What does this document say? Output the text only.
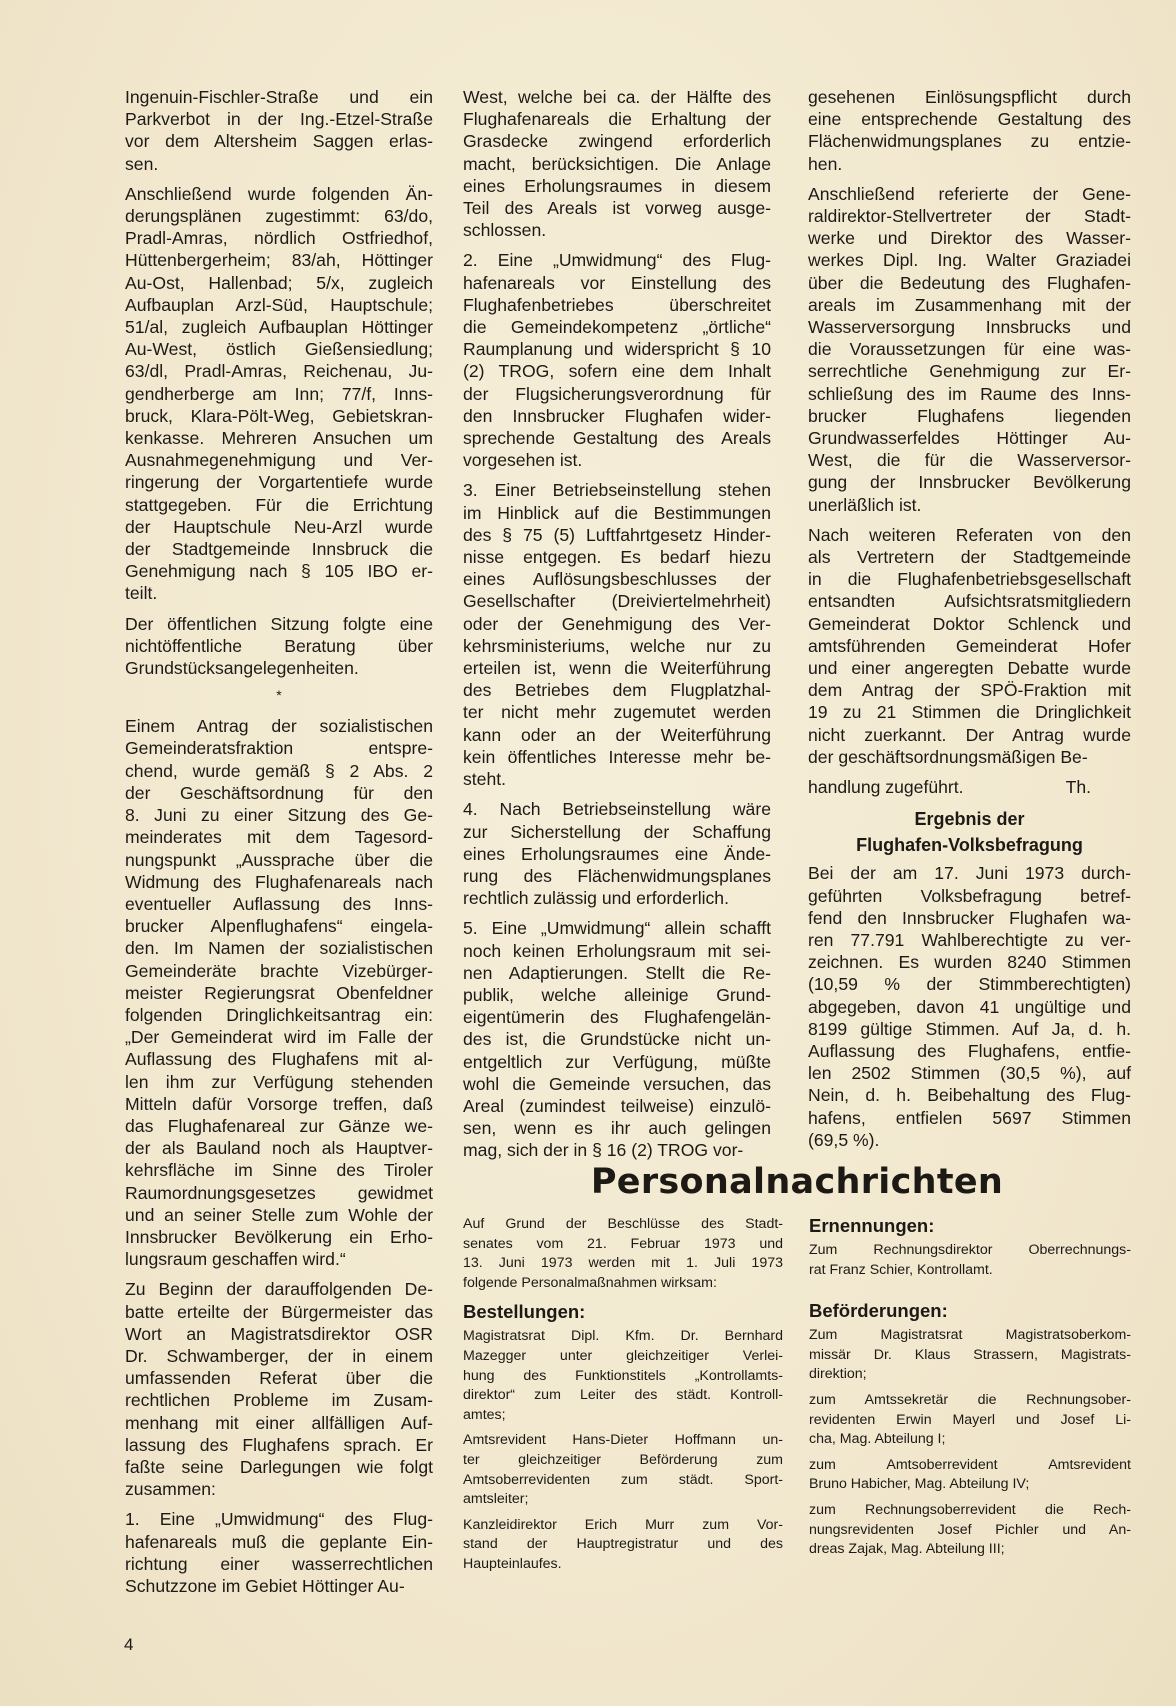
Ingenuin-Fischler-Straße und ein
Parkverbot in der Ing.-Etzel-Straße
vor dem Altersheim Saggen erlas-
sen.

Anschließend wurde folgenden Än-
derungsplänen zugestimmt: 63/do,
Pradl-Amras, nördlich Ostfriedhof,
Hüttenbergerheim; 83/ah, Höttinger
Au-Ost, Hallenbad; 5/x, zugleich
Aufbauplan Arzl-Süd, Hauptschule;
51/al, zugleich Aufbauplan Höttinger
Au-West, östlich Gießensiedlung;
63/dl, Pradl-Amras, Reichenau, Ju-
gendherberge am Inn; 77/f, Inns-
bruck, Klara-Pölt-Weg, Gebietskran-
kenkasse. Mehreren Ansuchen um
Ausnahmegenehmigung und Ver-
ringerung der Vorgartentiefe wurde
stattgegeben. Für die Errichtung
der Hauptschule Neu-Arzl wurde
der Stadtgemeinde Innsbruck die
Genehmigung nach § 105 IBO er-
teilt.

Der öffentlichen Sitzung folgte eine
nichtöffentliche Beratung über
Grundstücksangelegenheiten.

*

Einem Antrag der sozialistischen
Gemeinderatsfraktion entspre-
chend, wurde gemäß § 2 Abs. 2
der Geschäftsordnung für den
8. Juni zu einer Sitzung des Ge-
meinderates mit dem Tagesord-
nungspunkt „Aussprache über die
Widmung des Flughafenareals nach
eventueller Auflassung des Inns-
brucker Alpenflughafens“ eingela-
den. Im Namen der sozialistischen
Gemeinderäte brachte Vizebürger-
meister Regierungsrat Obenfeldner
folgenden Dringlichkeitsantrag ein:
„Der Gemeinderat wird im Falle der
Auflassung des Flughafens mit al-
len ihm zur Verfügung stehenden
Mitteln dafür Vorsorge treffen, daß
das Flughafenareal zur Gänze we-
der als Bauland noch als Hauptver-
kehrsfläche im Sinne des Tiroler
Raumordnungsgesetzes gewidmet
und an seiner Stelle zum Wohle der
Innsbrucker Bevölkerung ein Erho-
lungsraum geschaffen wird.“

Zu Beginn der darauffolgenden De-
batte erteilte der Bürgermeister das
Wort an Magistratsdirektor OSR
Dr. Schwamberger, der in einem
umfassenden Referat über die
rechtlichen Probleme im Zusam-
menhang mit einer allfälligen Auf-
lassung des Flughafens sprach. Er
faßte seine Darlegungen wie folgt
zusammen:

1. Eine „Umwidmung“ des Flug-
hafenareals muß die geplante Ein-
richtung einer wasserrechtlichen
Schutzzone im Gebiet Höttinger Au-

West, welche bei ca. der Hälfte des
Flughafenareals die Erhaltung der
Grasdecke zwingend erforderlich
macht, berücksichtigen. Die Anlage
eines Erholungsraumes in diesem
Teil des Areals ist vorweg ausge-
schlossen.

2. Eine „Umwidmung“ des Flug-
hafenareals vor Einstellung des
Flughafenbetriebes überschreitet
die Gemeindekompetenz „örtliche“
Raumplanung und widerspricht § 10
(2) TROG, sofern eine dem Inhalt
der Flugsicherungsverordnung für
den Innsbrucker Flughafen wider-
sprechende Gestaltung des Areals
vorgesehen ist.

3. Einer Betriebseinstellung stehen
im Hinblick auf die Bestimmungen
des § 75 (5) Luftfahrtgesetz Hinder-
nisse entgegen. Es bedarf hiezu
eines Auflösungsbeschlusses der
Gesellschafter (Dreiviertelmehrheit)
oder der Genehmigung des Ver-
kehrsministeriums, welche nur zu
erteilen ist, wenn die Weiterführung
des Betriebes dem Flugplatzhal-
ter nicht mehr zugemutet werden
kann oder an der Weiterführung
kein öffentliches Interesse mehr be-
steht.

4. Nach Betriebseinstellung wäre
zur Sicherstellung der Schaffung
eines Erholungsraumes eine Ände-
rung des Flächenwidmungsplanes
rechtlich zulässig und erforderlich.

5. Eine „Umwidmung“ allein schafft
noch keinen Erholungsraum mit sei-
nen Adaptierungen. Stellt die Re-
publik, welche alleinige Grund-
eigentümerin des Flughafengelän-
des ist, die Grundstücke nicht un-
entgeltlich zur Verfügung, müßte
wohl die Gemeinde versuchen, das
Areal (zumindest teilweise) einzulö-
sen, wenn es ihr auch gelingen
mag, sich der in § 16 (2) TROG vor-

gesehenen Einlösungspflicht durch
eine entsprechende Gestaltung des
Flächenwidmungsplanes zu entzie-
hen.

Anschließend referierte der Gene-
raldirektor-Stellvertreter der Stadt-
werke und Direktor des Wasser-
werkes Dipl. Ing. Walter Graziadei
über die Bedeutung des Flughafen-
areals im Zusammenhang mit der
Wasserversorgung Innsbrucks und
die Voraussetzungen für eine was-
serrechtliche Genehmigung zur Er-
schließung des im Raume des Inns-
brucker Flughafens liegenden
Grundwasserfeldes Höttinger Au-
West, die für die Wasserversor-
gung der Innsbrucker Bevölkerung
unerläßlich ist.

Nach weiteren Referaten von den
als Vertretern der Stadtgemeinde
in die Flughafenbetriebsgesellschaft
entsandten Aufsichtsratsmitgliedern
Gemeinderat Doktor Schlenck und
amtsführenden Gemeinderat Hofer
und einer angeregten Debatte wurde
dem Antrag der SPÖ-Fraktion mit
19 zu 21 Stimmen die Dringlichkeit
nicht zuerkannt. Der Antrag wurde
der geschäftsordnungsmäßigen Be-

handlung zugeführt.	Th.
Ergebnis der
Flughafen-Volksbefragung

Bei der am 17. Juni 1973 durch-
geführten Volksbefragung betref-
fend den Innsbrucker Flughafen wa-
ren 77.791 Wahlberechtigte zu ver-
zeichnen. Es wurden 8240 Stimmen
(10,59 % der Stimmberechtigten)
abgegeben, davon 41 ungültige und
8199 gültige Stimmen. Auf Ja, d. h.
Auflassung des Flughafens, entfie-
len 2502 Stimmen (30,5 %), auf
Nein, d. h. Beibehaltung des Flug-
hafens, entfielen 5697 Stimmen
(69,5 %).

Personalnachrichten

Auf Grund der Beschlüsse des Stadt-
senates vom 21. Februar 1973 und
13. Juni 1973 werden mit 1. Juli 1973
folgende Personalmaßnahmen wirksam:

Bestellungen:

Magistratsrat Dipl. Kfm. Dr. Bernhard
Mazegger unter gleichzeitiger Verlei-
hung des Funktionstitels „Kontrollamts-
direktor“ zum Leiter des städt. Kontroll-
amtes;

Amtsrevident Hans-Dieter Hoffmann un-
ter gleichzeitiger Beförderung zum
Amtsoberrevidenten zum städt. Sport-
amtsleiter;

Kanzleidirektor Erich Murr zum Vor-
stand der Hauptregistratur und des
Haupteinlaufes.

Ernennungen:

Zum Rechnungsdirektor Oberrechnungs-
rat Franz Schier, Kontrollamt.

Beförderungen:

Zum Magistratsrat Magistratsoberkom-
missär Dr. Klaus Strassern, Magistrats-
direktion;

zum Amtssekretär die Rechnungsober-
revidenten Erwin Mayerl und Josef Li-
cha, Mag. Abteilung I;

zum Amtsoberrevident Amtsrevident
Bruno Habicher, Mag. Abteilung IV;

zum Rechnungsoberrevident die Rech-
nungsrevidenten Josef Pichler und An-
dreas Zajak, Mag. Abteilung III;

4
